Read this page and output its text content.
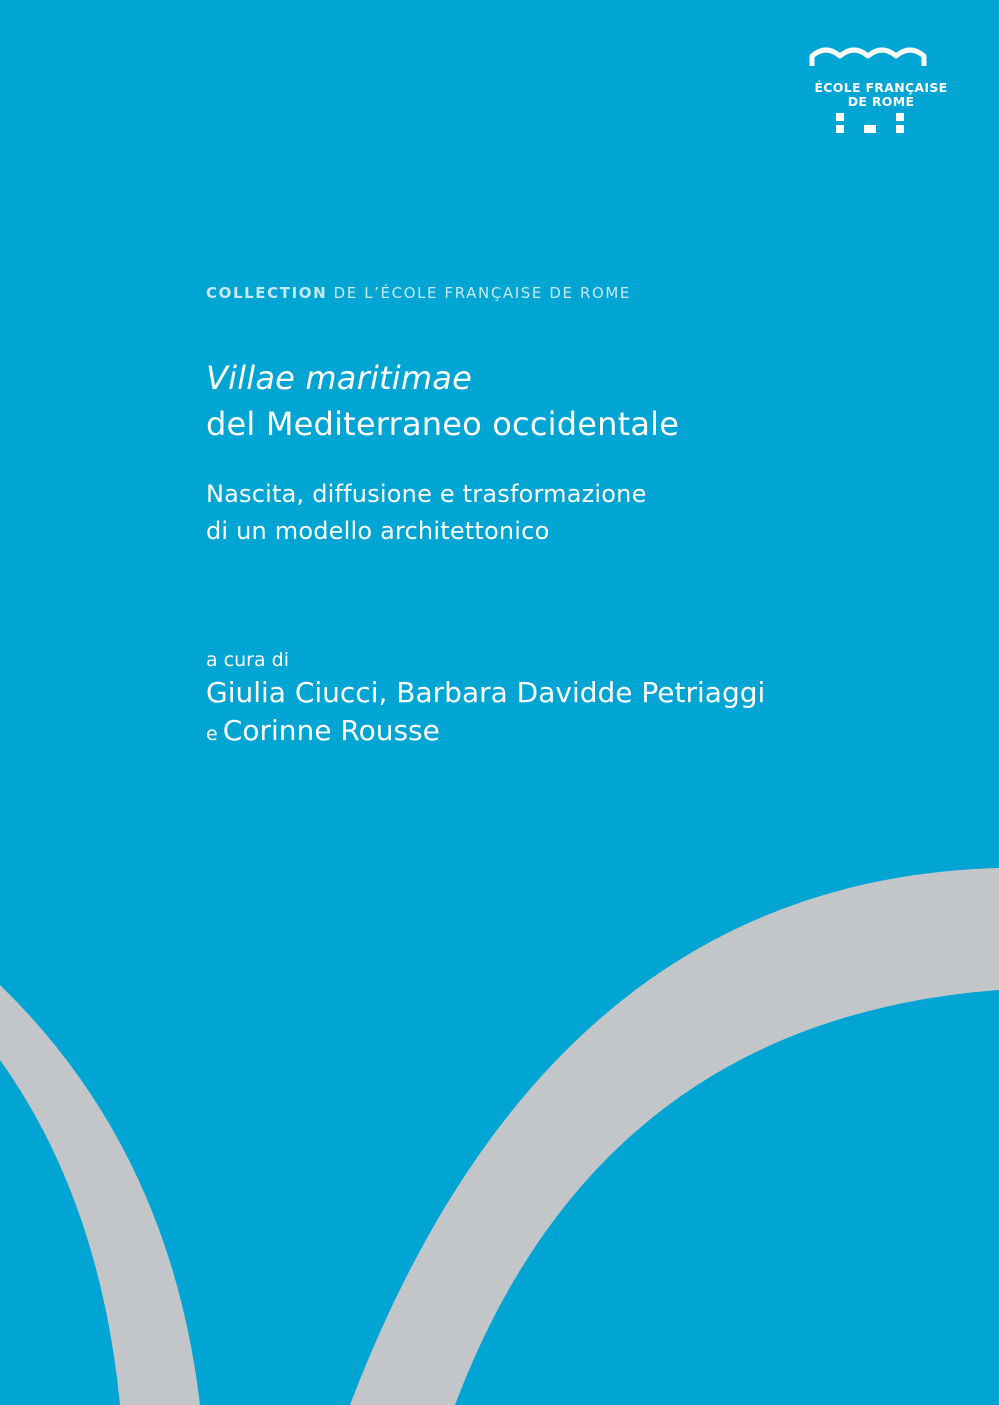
ÉCOLE FRANÇAISE
DE ROME
COLLECTION DE L’ÉCOLE FRANÇAISE DE ROME
Villae maritimae
del Mediterraneo occidentale
Nascita, diffusione e trasformazione
di un modello architettonico
a cura di
Giulia Ciucci, Barbara Davidde Petriaggi
e Corinne Rousse
